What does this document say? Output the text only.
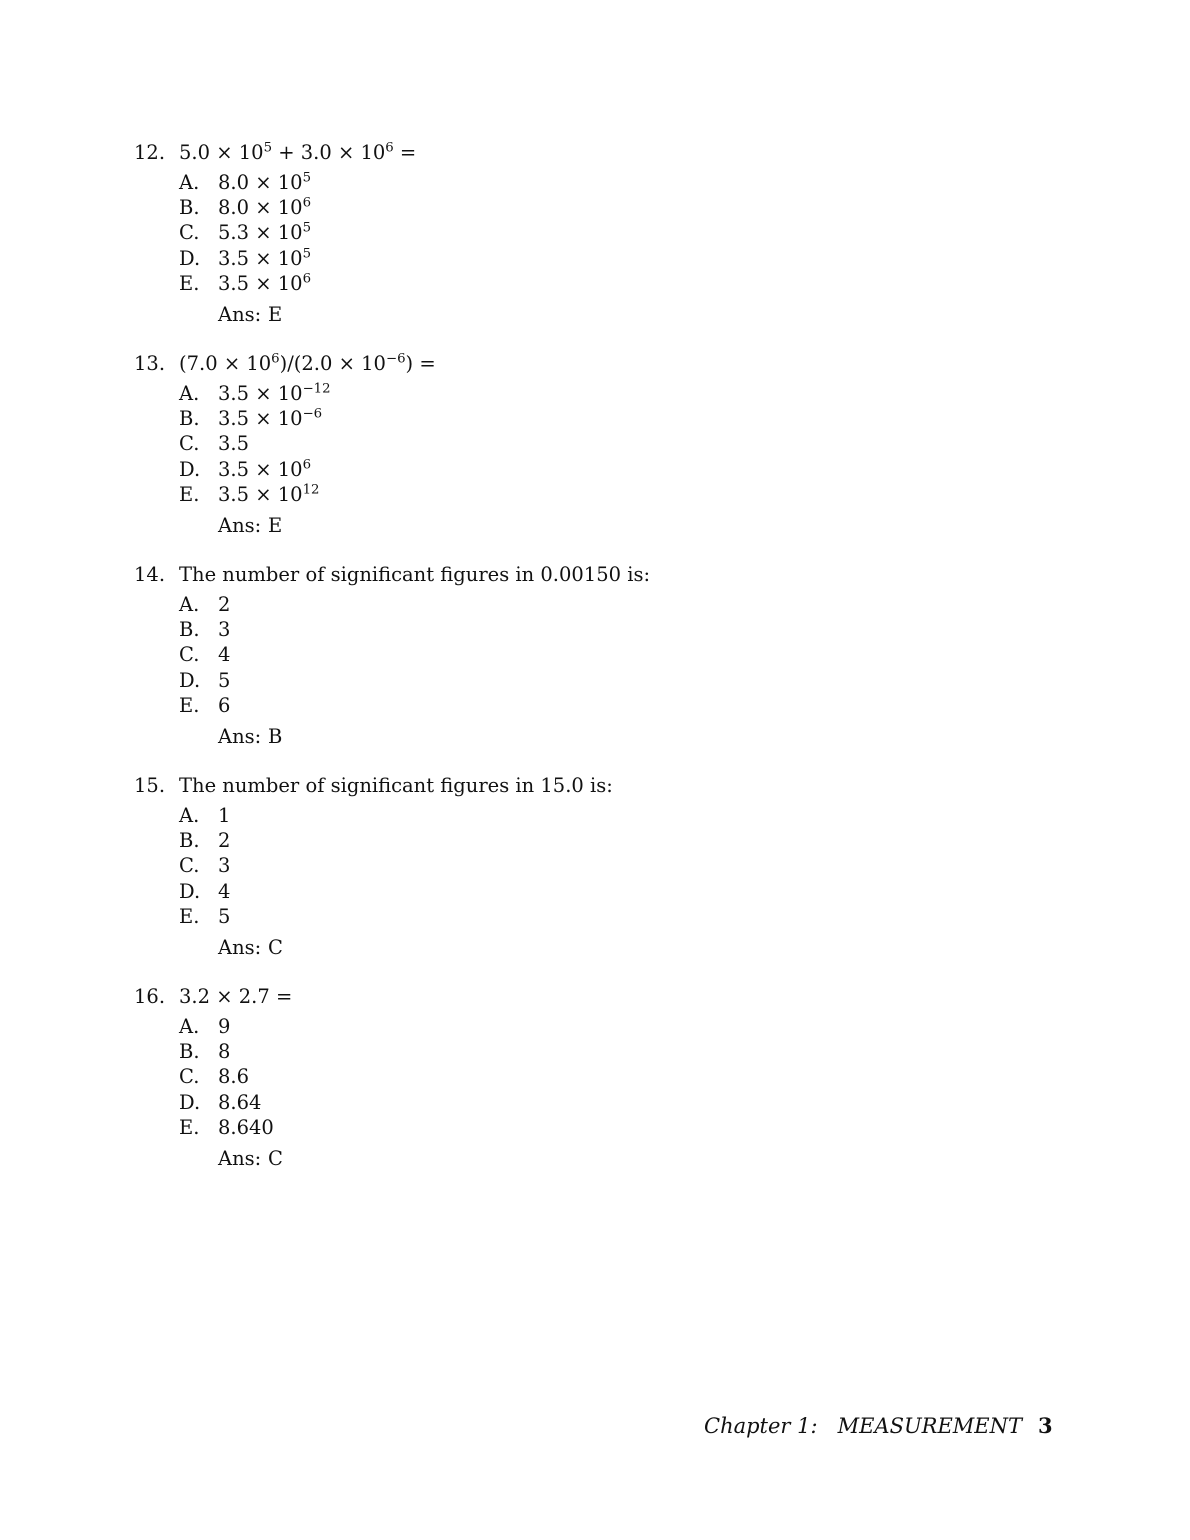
12. $5.0 \times 10^5 + 3.0 \times 10^6$ =
A. $8.0 \times 10^5$
B. $8.0 \times 10^6$
C. $5.3 \times 10^5$
D. $3.5 \times 10^5$
E. $3.5 \times 10^6$
Ans: E
13. $(7.0 \times 10^6)/(2.0 \times 10^{-6})$ =
A. $3.5 \times 10^{-12}$
B. $3.5 \times 10^{-6}$
C. 3.5
D. $3.5 \times 10^6$
E. $3.5 \times 10^{12}$
Ans: E
14. The number of significant figures in 0.00150 is:
A. 2
B. 3
C. 4
D. 5
E. 6
Ans: B
15. The number of significant figures in 15.0 is:
A. 1
B. 2
C. 3
D. 4
E. 5
Ans: C
16. 3.2 × 2.7 =
A. 9
B. 8
C. 8.6
D. 8.64
E. 8.640
Ans: C
Chapter 1: MEASUREMENT 3
